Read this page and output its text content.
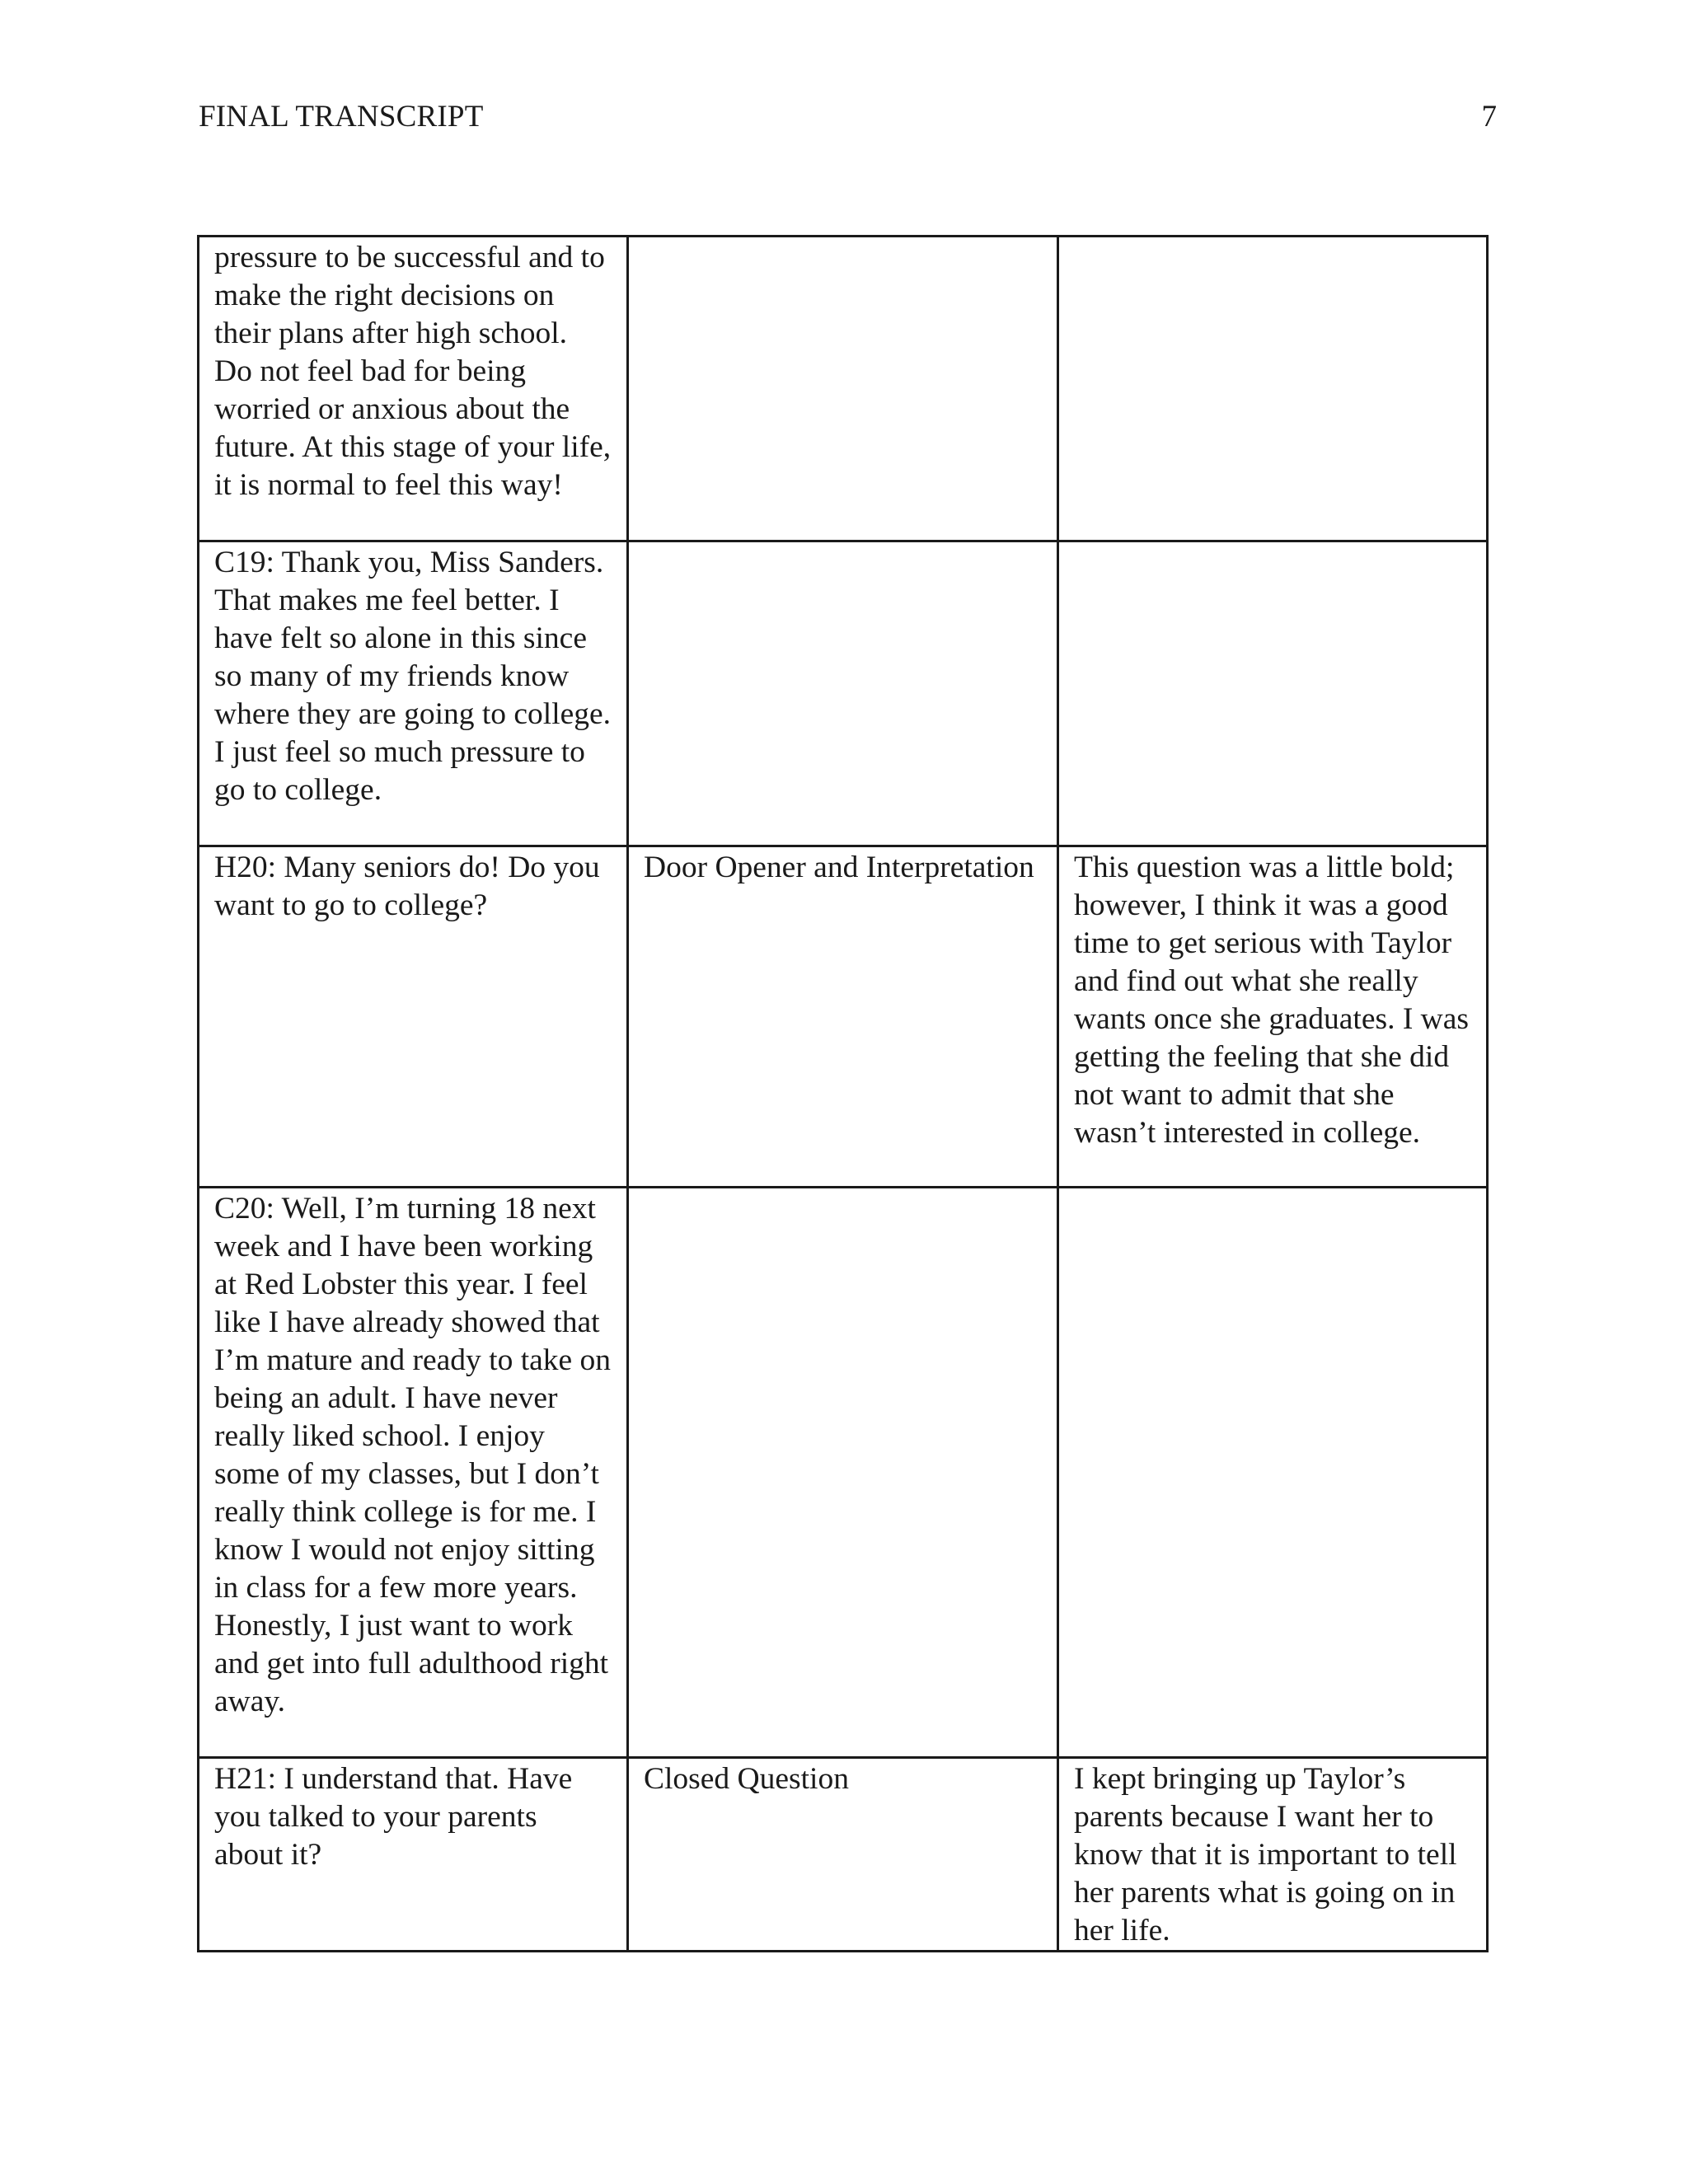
FINAL TRANSCRIPT	7
pressure to be successful and to make the right decisions on their plans after high school. Do not feel bad for being worried or anxious about the future. At this stage of your life, it is normal to feel this way!		

C19: Thank you, Miss Sanders. That makes me feel better. I have felt so alone in this since so many of my friends know where they are going to college. I just feel so much pressure to go to college.		

H20: Many seniors do! Do you want to go to college?	Door Opener and Interpretation	This question was a little bold; however, I think it was a good time to get serious with Taylor and find out what she really wants once she graduates. I was getting the feeling that she did not want to admit that she wasn’t interested in college.

C20: Well, I’m turning 18 next week and I have been working at Red Lobster this year. I feel like I have already showed that I’m mature and ready to take on being an adult. I have never really liked school. I enjoy some of my classes, but I don’t really think college is for me. I know I would not enjoy sitting in class for a few more years. Honestly, I just want to work and get into full adulthood right away.		

H21: I understand that. Have you talked to your parents about it?	Closed Question	I kept bringing up Taylor’s parents because I want her to know that it is important to tell her parents what is going on in her life.
